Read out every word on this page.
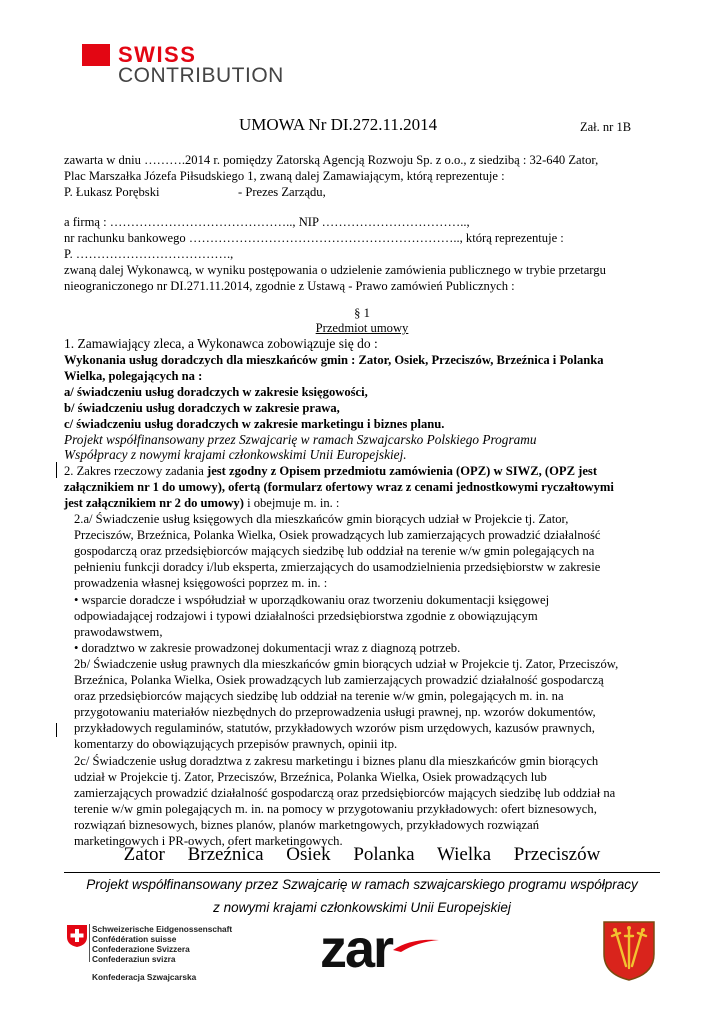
SWISS
CONTRIBUTION
UMOWA Nr DI.272.11.2014	Zał. nr 1B
zawarta w dniu ……….2014 r. pomiędzy Zatorską Agencją Rozwoju Sp. z o.o., z siedzibą : 32-640 Zator,
Plac Marszałka Józefa Piłsudskiego 1, zwaną dalej Zamawiającym, którą reprezentuje :
P. Łukasz Porębski	- Prezes Zarządu,
a firmą : …………………………………….., NIP ……………………………..,
nr rachunku bankowego ……………………………………………………….., którą reprezentuje :
P. ……………………………….,
zwaną dalej Wykonawcą, w wyniku postępowania o udzielenie zamówienia publicznego w trybie przetargu
nieograniczonego nr DI.271.11.2014, zgodnie z Ustawą - Prawo zamówień Publicznych :
§ 1
Przedmiot umowy
1. Zamawiający zleca, a Wykonawca zobowiązuje się do :
Wykonania usług doradczych dla mieszkańców gmin : Zator, Osiek, Przeciszów, Brzeźnica i Polanka
Wielka, polegających na :
a/ świadczeniu usług doradczych w zakresie księgowości,
b/ świadczeniu usług doradczych w zakresie prawa,
c/ świadczeniu usług doradczych w zakresie marketingu i biznes planu.
Projekt współfinansowany przez Szwajcarię w ramach Szwajcarsko Polskiego Programu
Współpracy z nowymi krajami członkowskimi Unii Europejskiej.
2. Zakres rzeczowy zadania jest zgodny z Opisem przedmiotu zamówienia (OPZ) w SIWZ, (OPZ jest
załącznikiem nr 1 do umowy), ofertą (formularz ofertowy wraz z cenami jednostkowymi ryczałtowymi
jest załącznikiem nr 2 do umowy) i obejmuje m. in. :
2.a/ Świadczenie usług księgowych dla mieszkańców gmin biorących udział w Projekcie tj. Zator,
Przeciszów, Brzeźnica, Polanka Wielka, Osiek prowadzących lub zamierzających prowadzić działalność
gospodarczą oraz przedsiębiorców mających siedzibę lub oddział na terenie w/w gmin polegających na
pełnieniu funkcji doradcy i/lub eksperta, zmierzających do usamodzielnienia przedsiębiorstw w zakresie
prowadzenia własnej księgowości poprzez m. in. :
• wsparcie doradcze i współudział w uporządkowaniu oraz tworzeniu dokumentacji księgowej
odpowiadającej rodzajowi i typowi działalności przedsiębiorstwa zgodnie z obowiązującym
prawodawstwem,
• doradztwo w zakresie prowadzonej dokumentacji wraz z diagnozą potrzeb.
2b/ Świadczenie usług prawnych dla mieszkańców gmin biorących udział w Projekcie tj. Zator, Przeciszów,
Brzeźnica, Polanka Wielka, Osiek prowadzących lub zamierzających prowadzić działalność gospodarczą
oraz przedsiębiorców mających siedzibę lub oddział na terenie w/w gmin, polegających m. in. na
przygotowaniu materiałów niezbędnych do przeprowadzenia usługi prawnej, np. wzorów dokumentów,
przykładowych regulaminów, statutów, przykładowych wzorów pism urzędowych, kazusów prawnych,
komentarzy do obowiązujących przepisów prawnych, opinii itp.
2c/ Świadczenie usług doradztwa z zakresu marketingu i biznes planu dla mieszkańców gmin biorących
udział w Projekcie tj. Zator, Przeciszów, Brzeźnica, Polanka Wielka, Osiek prowadzących lub
zamierzających prowadzić działalność gospodarczą oraz przedsiębiorców mających siedzibę lub oddział na
terenie w/w gmin polegających m. in. na pomocy w przygotowaniu przykładowych: ofert biznesowych,
rozwiązań biznesowych, biznes planów, planów marketngowych, przykładowych rozwiązań
marketingowych i PR-owych, ofert marketingowych.
Zator Brzeźnica Osiek Polanka Wielka Przeciszów
Projekt współfinansowany przez Szwajcarię w ramach szwajcarskiego programu współpracy
z nowymi krajami członkowskimi Unii Europejskiej
Schweizerische Eidgenossenschaft
Confédération suisse
Confederazione Svizzera
Confederaziun svizra
Konfederacja Szwajcarska zar
